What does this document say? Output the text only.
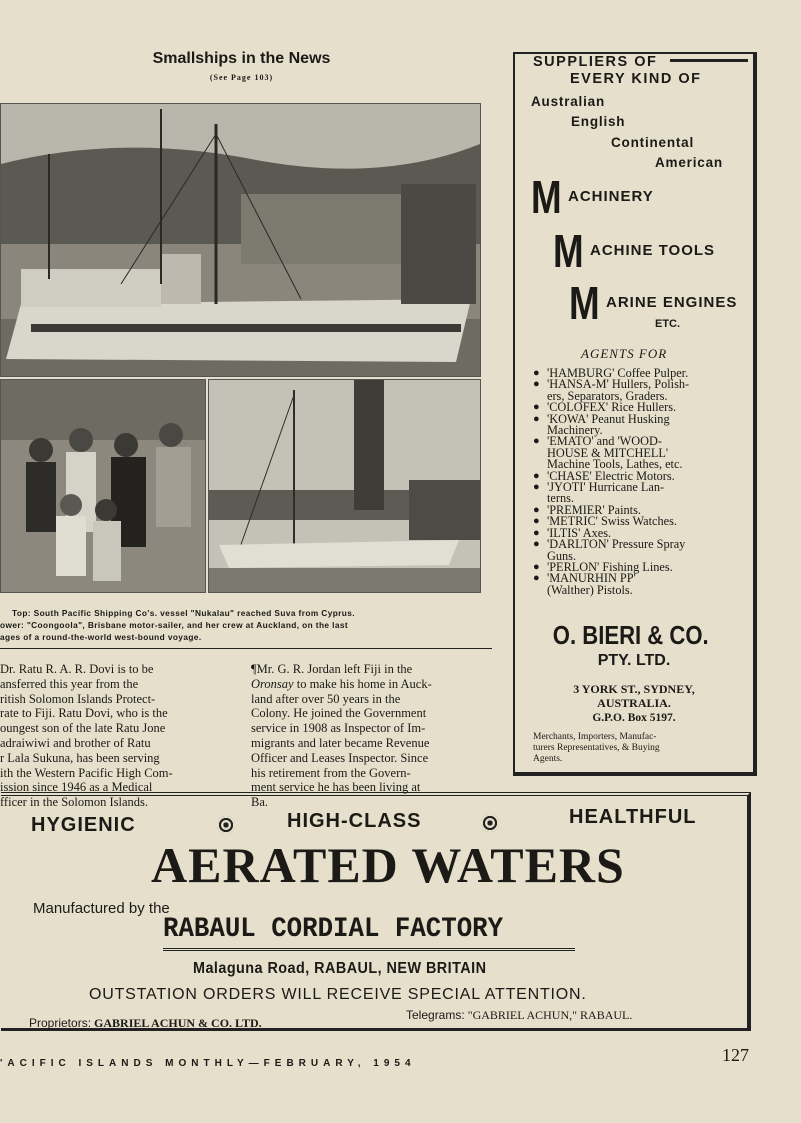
Smallships in the News
(See Page 103)
Top: South Pacific Shipping Co's. vessel "Nukalau" reached Suva from Cyprus.
ower: "Coongoola", Brisbane motor-sailer, and her crew at Auckland, on the last
ages of a round-the-world west-bound voyage.
Dr. Ratu R. A. R. Dovi is to be
ansferred this year from the
ritish Solomon Islands Protect-
rate to Fiji. Ratu Dovi, who is the
oungest son of the late Ratu Jone
adraiwiwi and brother of Ratu
r Lala Sukuna, has been serving
ith the Western Pacific High Com-
ission since 1946 as a Medical
fficer in the Solomon Islands.
¶Mr. G. R. Jordan left Fiji in the
Oronsay to make his home in Auck-
land after over 50 years in the
Colony. He joined the Government
service in 1908 as Inspector of Im-
migrants and later became Revenue
Officer and Leases Inspector. Since
his retirement from the Govern-
ment service he has been living at
Ba.
SUPPLIERS OF
EVERY KIND OF
Australian
English
Continental
American
M ACHINERY
M ACHINE TOOLS
M ARINE ENGINES
ETC.
AGENTS FOR
● 'HAMBURG' Coffee Pulper.
● 'HANSA-M' Hullers, Polish-
ers, Separators, Graders.
● 'COLOFEX' Rice Hullers.
● 'KOWA' Peanut Husking
Machinery.
● 'EMATO' and 'WOOD-
HOUSE & MITCHELL'
Machine Tools, Lathes, etc.
● 'CHASE' Electric Motors.
● 'JYOTI' Hurricane Lan-
terns.
● 'PREMIER' Paints.
● 'METRIC' Swiss Watches.
● 'ILTIS' Axes.
● 'DARLTON' Pressure Spray
Guns.
● 'PERLON' Fishing Lines.
● 'MANURHIN PP'
(Walther) Pistols.
O. BIERI & CO.
PTY. LTD.
3 YORK ST., SYDNEY,
AUSTRALIA.
G.P.O. Box 5197.
Merchants, Importers, Manufac-
turers Representatives, & Buying
Agents.
HYGIENIC	HIGH-CLASS	HEALTHFUL
AERATED WATERS
Manufactured by the
RABAUL CORDIAL FACTORY
Malaguna Road, RABAUL, NEW BRITAIN
OUTSTATION ORDERS WILL RECEIVE SPECIAL ATTENTION.
Proprietors: GABRIEL ACHUN & CO. LTD.
Telegrams: "GABRIEL ACHUN," RABAUL.
'ACIFIC ISLANDS MONTHLY—FEBRUARY, 1954	127
